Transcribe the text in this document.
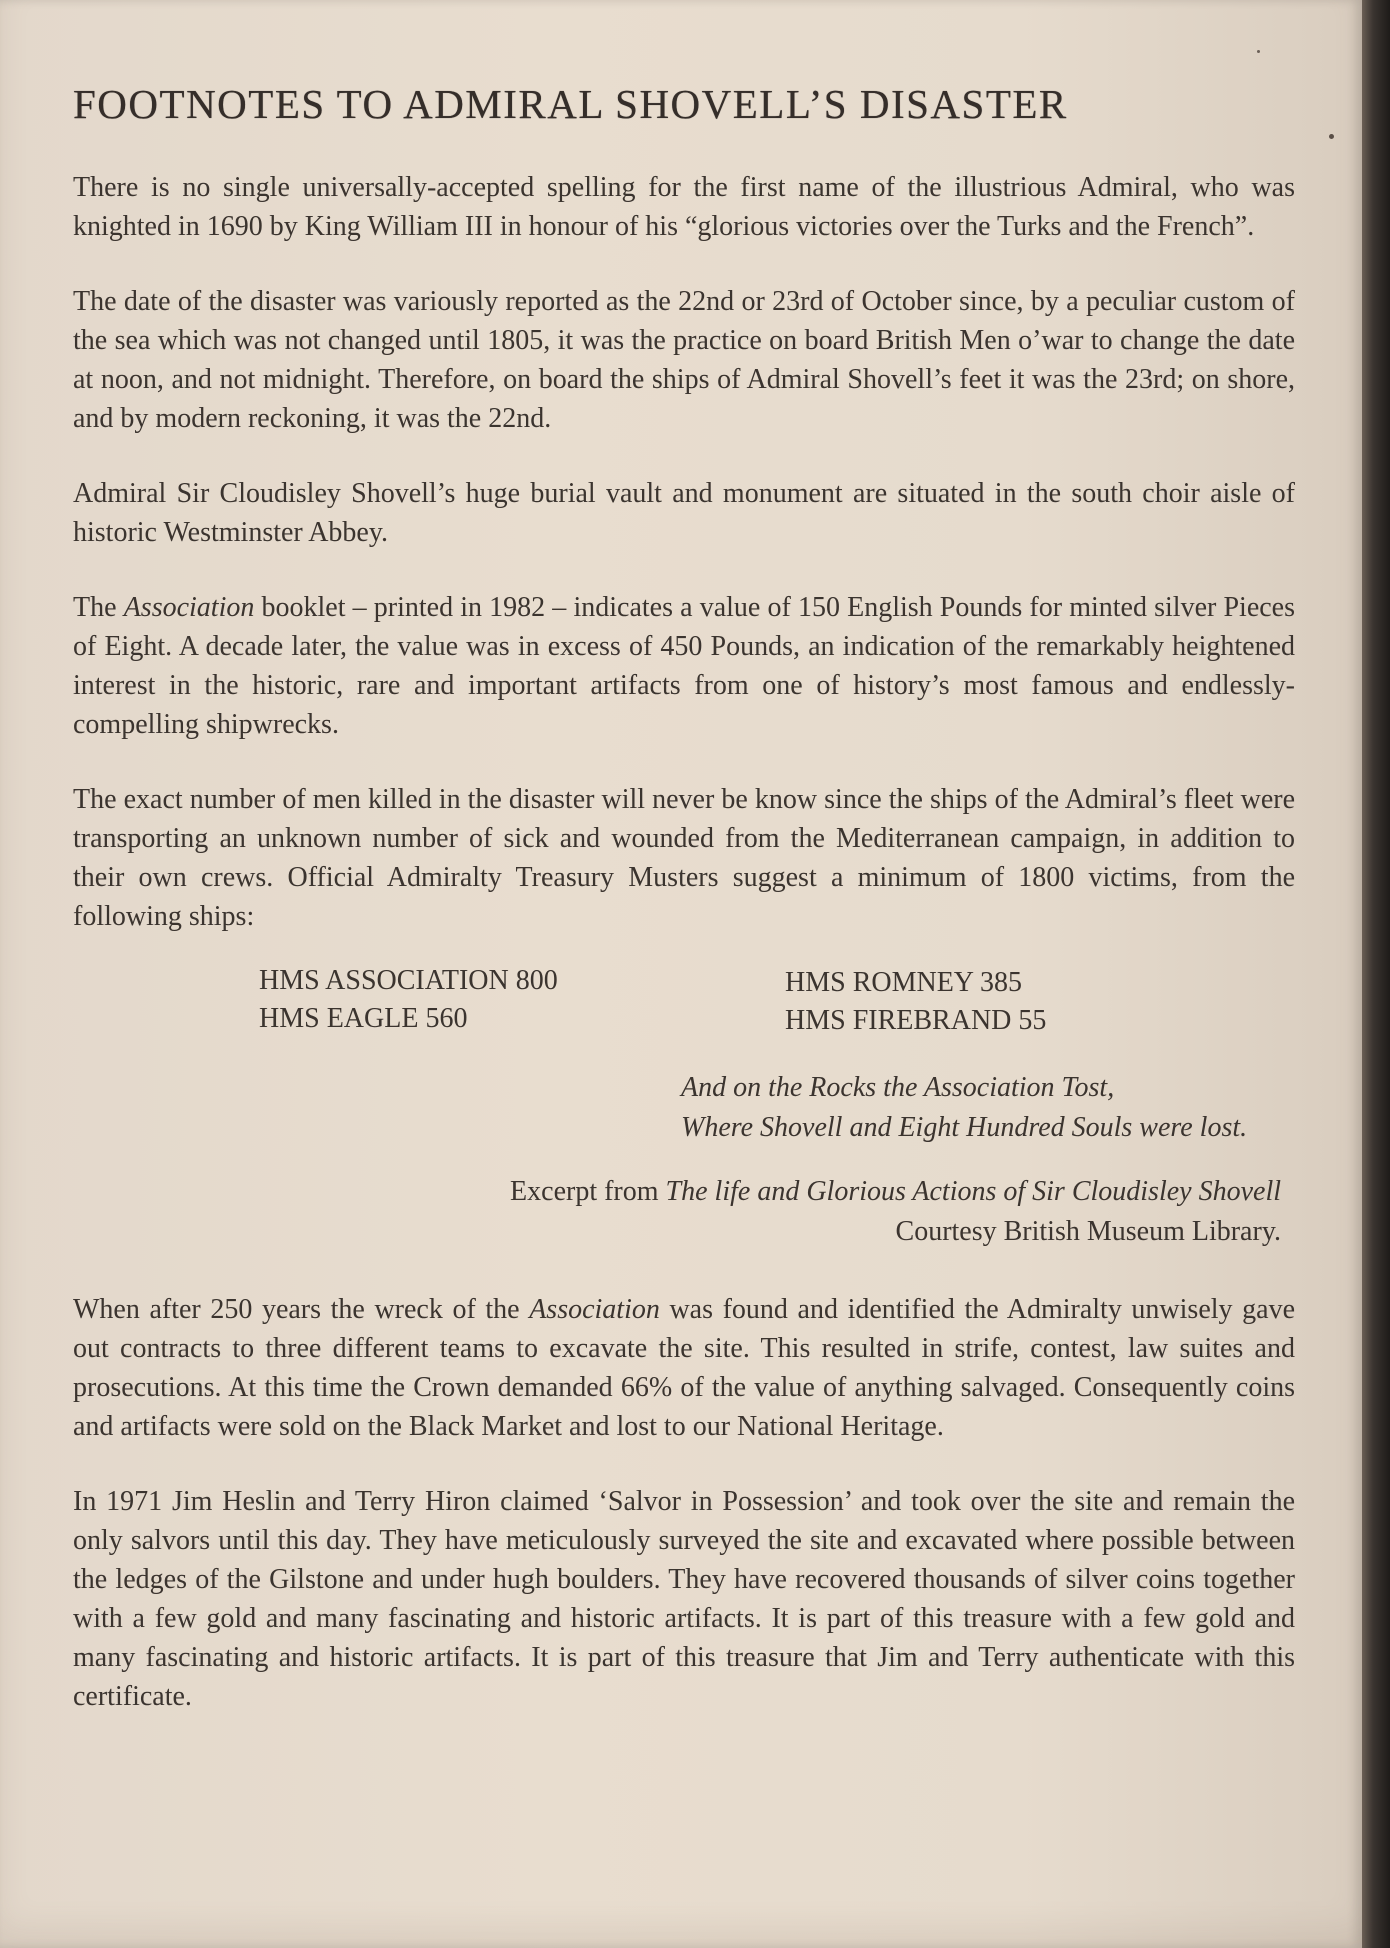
FOOTNOTES TO ADMIRAL SHOVELL’S DISASTER

There is no single universally-accepted spelling for the first name of the illustrious Admiral, who was knighted in 1690 by King William III in honour of his “glorious victories over the Turks and the French”.

The date of the disaster was variously reported as the 22nd or 23rd of October since, by a peculiar custom of the sea which was not changed until 1805, it was the practice on board British Men o’war to change the date at noon, and not midnight. Therefore, on board the ships of Admiral Shovell’s feet it was the 23rd; on shore, and by modern reckoning, it was the 22nd.

Admiral Sir Cloudisley Shovell’s huge burial vault and monument are situated in the south choir aisle of historic Westminster Abbey.

The Association booklet – printed in 1982 – indicates a value of 150 English Pounds for minted silver Pieces of Eight. A decade later, the value was in excess of 450 Pounds, an indication of the remarkably heightened interest in the historic, rare and important artifacts from one of history’s most famous and endlessly-compelling shipwrecks.

The exact number of men killed in the disaster will never be know since the ships of the Admiral’s fleet were transporting an unknown number of sick and wounded from the Mediterranean campaign, in addition to their own crews. Official Admiralty Treasury Musters suggest a minimum of 1800 victims, from the following ships:

HMS ASSOCIATION 800
HMS EAGLE 560
HMS ROMNEY 385
HMS FIREBRAND 55
And on the Rocks the Association Tost,
Where Shovell and Eight Hundred Souls were lost.
Excerpt from The life and Glorious Actions of Sir Cloudisley Shovell
Courtesy British Museum Library.

When after 250 years the wreck of the Association was found and identified the Admiralty unwisely gave out contracts to three different teams to excavate the site. This resulted in strife, contest, law suites and prosecutions. At this time the Crown demanded 66% of the value of anything salvaged. Consequently coins and artifacts were sold on the Black Market and lost to our National Heritage.

In 1971 Jim Heslin and Terry Hiron claimed ‘Salvor in Possession’ and took over the site and remain the only salvors until this day. They have meticulously surveyed the site and excavated where possible between the ledges of the Gilstone and under hugh boulders. They have recovered thousands of silver coins together with a few gold and many fascinating and historic artifacts. It is part of this treasure with a few gold and many fascinating and historic artifacts. It is part of this treasure that Jim and Terry authenticate with this certificate.
